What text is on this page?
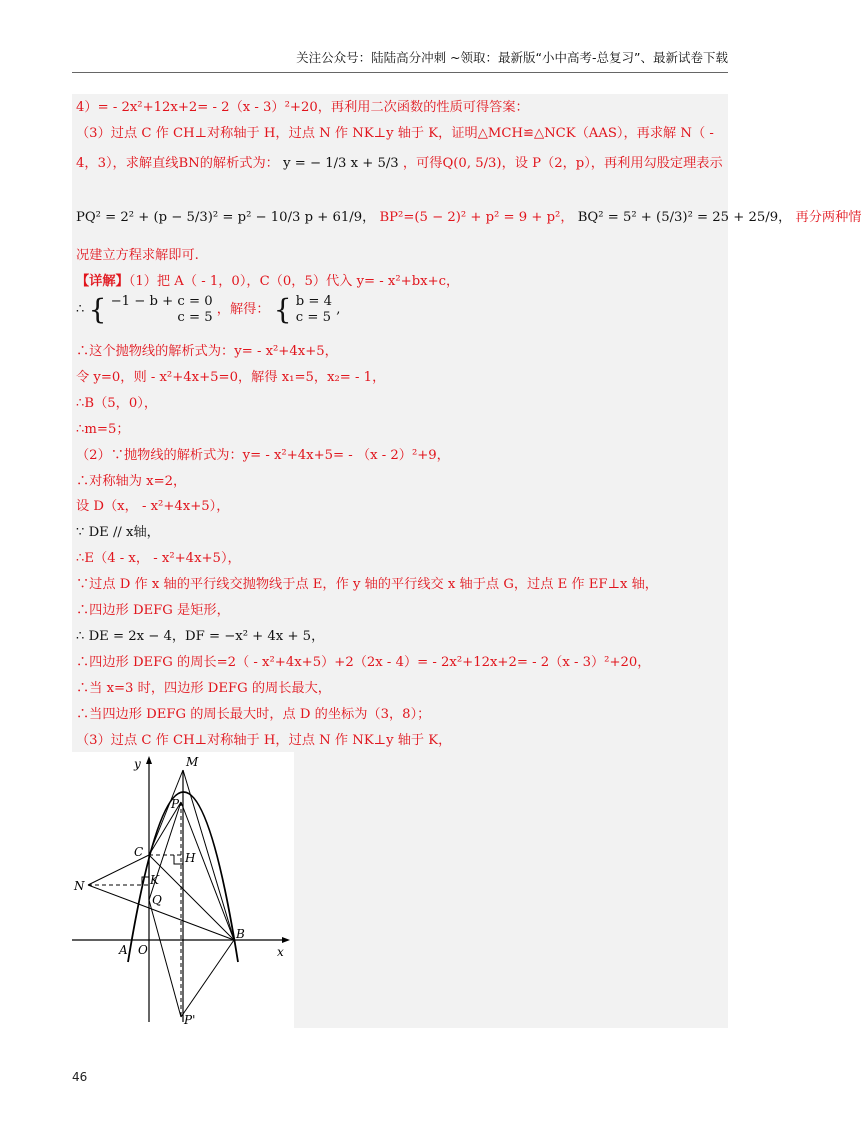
关注公众号：陆陆高分冲刺 ~领取：最新版“小中高考-总复习”、最新试卷下载
4）= - 2x²+12x+2= - 2（x - 3）²+20，再利用二次函数的性质可得答案：
（3）过点 C 作 CH⊥对称轴于 H，过点 N 作 NK⊥y 轴于 K，证明△MCH≌△NCK（AAS），再求解 N（ -
4，3），求解直线BN的解析式为： y = − 1/3 x + 5/3 ，可得Q(0, 5/3)，设 P（2，p），再利用勾股定理表示
PQ² = 2² + (p − 5/3)² = p² − 10/3 p + 61/9， BP²=(5 − 2)² + p² = 9 + p²， BQ² = 5² + (5/3)² = 25 + 25/9， 再分两种情
况建立方程求解即可.
【详解】（1）把 A（ - 1，0），C（0，5）代入 y= - x²+bx+c，
∴ { −1 − b + c = 0
c = 5
，解得： { b = 4
c = 5
,
∴这个抛物线的解析式为：y= - x²+4x+5，
令 y=0，则 - x²+4x+5=0，解得 x₁=5，x₂= - 1，
∴B（5，0），
∴m=5；
（2）∵抛物线的解析式为：y= - x²+4x+5= - （x - 2）²+9，
∴对称轴为 x=2，
设 D（x， - x²+4x+5），
∵ DE // x轴，
∴E（4 - x， - x²+4x+5），
∵过点 D 作 x 轴的平行线交抛物线于点 E，作 y 轴的平行线交 x 轴于点 G，过点 E 作 EF⊥x 轴，
∴四边形 DEFG 是矩形，
∴ DE = 2x − 4，DF = −x² + 4x + 5，
∴四边形 DEFG 的周长=2（ - x²+4x+5）+2（2x - 4）= - 2x²+12x+2= - 2（x - 3）²+20，
∴当 x=3 时，四边形 DEFG 的周长最大，
∴当四边形 DEFG 的周长最大时，点 D 的坐标为（3，8）；
（3）过点 C 作 CH⊥对称轴于 H，过点 N 作 NK⊥y 轴于 K，
y
x
M
P
H
C
N	K
Q
A O
B
P'
46
